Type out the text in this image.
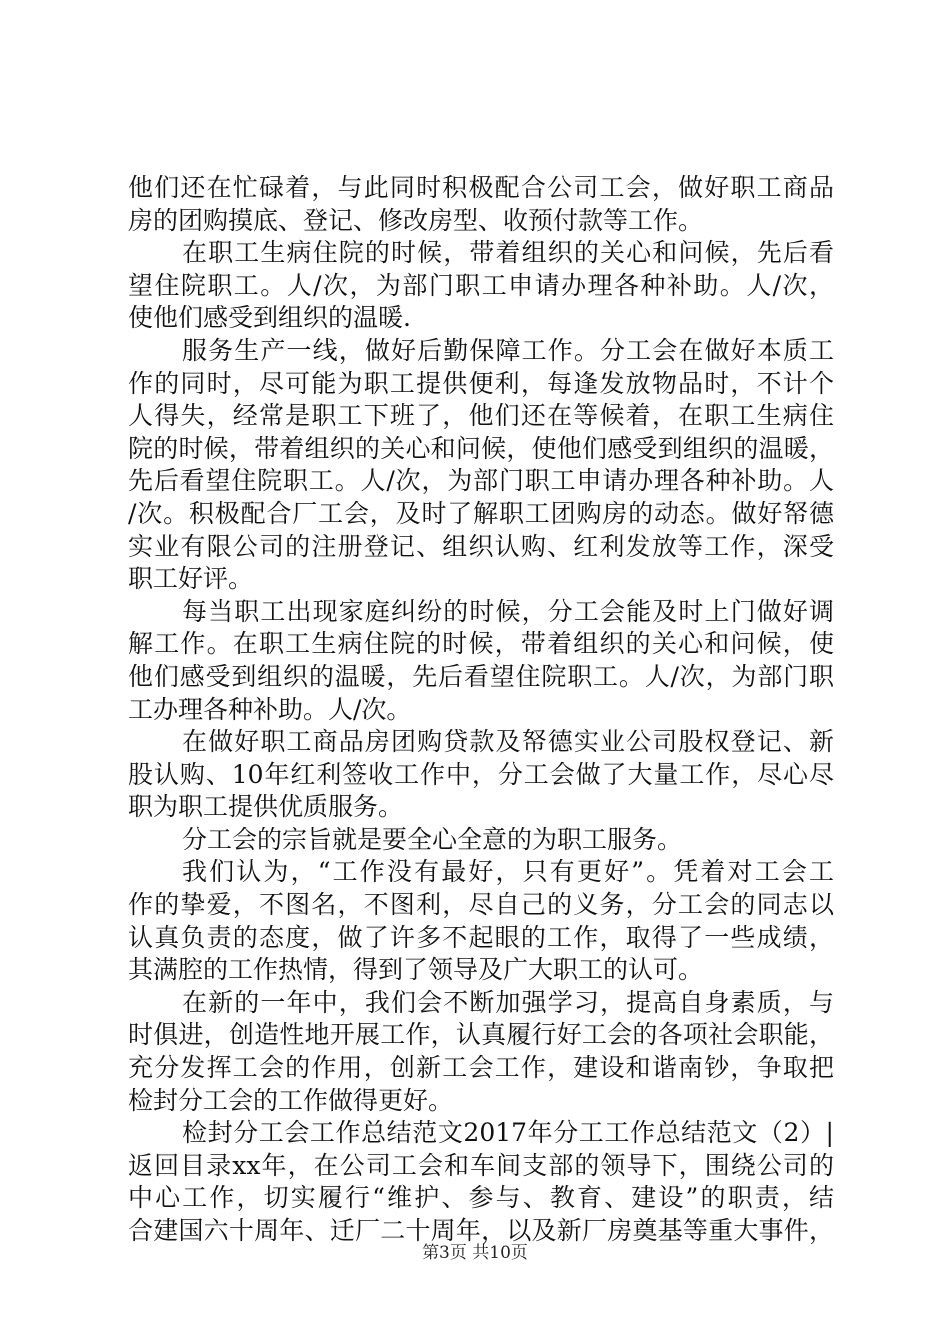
他们还在忙碌着，与此同时积极配合公司工会，做好职工商品
房的团购摸底、登记、修改房型、收预付款等工作。
在职工生病住院的时候，带着组织的关心和问候，先后看
望住院职工。人/次，为部门职工申请办理各种补助。人/次，
使他们感受到组织的温暖.
服务生产一线，做好后勤保障工作。分工会在做好本质工
作的同时，尽可能为职工提供便利，每逢发放物品时，不计个
人得失，经常是职工下班了，他们还在等候着，在职工生病住
院的时候，带着组织的关心和问候，使他们感受到组织的温暖，
先后看望住院职工。人/次，为部门职工申请办理各种补助。人
/次。积极配合厂工会，及时了解职工团购房的动态。做好帑德
实业有限公司的注册登记、组织认购、红利发放等工作，深受
职工好评。
每当职工出现家庭纠纷的时候，分工会能及时上门做好调
解工作。在职工生病住院的时候，带着组织的关心和问候，使
他们感受到组织的温暖，先后看望住院职工。人/次，为部门职
工办理各种补助。人/次。
在做好职工商品房团购贷款及帑德实业公司股权登记、新
股认购、10年红利签收工作中，分工会做了大量工作，尽心尽
职为职工提供优质服务。
分工会的宗旨就是要全心全意的为职工服务。
我们认为，“工作没有最好，只有更好”。凭着对工会工
作的挚爱，不图名，不图利，尽自己的义务，分工会的同志以
认真负责的态度，做了许多不起眼的工作，取得了一些成绩，
其满腔的工作热情，得到了领导及广大职工的认可。
在新的一年中，我们会不断加强学习，提高自身素质，与
时俱进，创造性地开展工作，认真履行好工会的各项社会职能，
充分发挥工会的作用，创新工会工作，建设和谐南钞，争取把
检封分工会的工作做得更好。
检封分工会工作总结范文2017年分工工作总结范文（2）|
返回目录xx年，在公司工会和车间支部的领导下，围绕公司的
中心工作，切实履行“维护、参与、教育、建设”的职责，结
合建国六十周年、迁厂二十周年，以及新厂房奠基等重大事件，
第3页 共10页
